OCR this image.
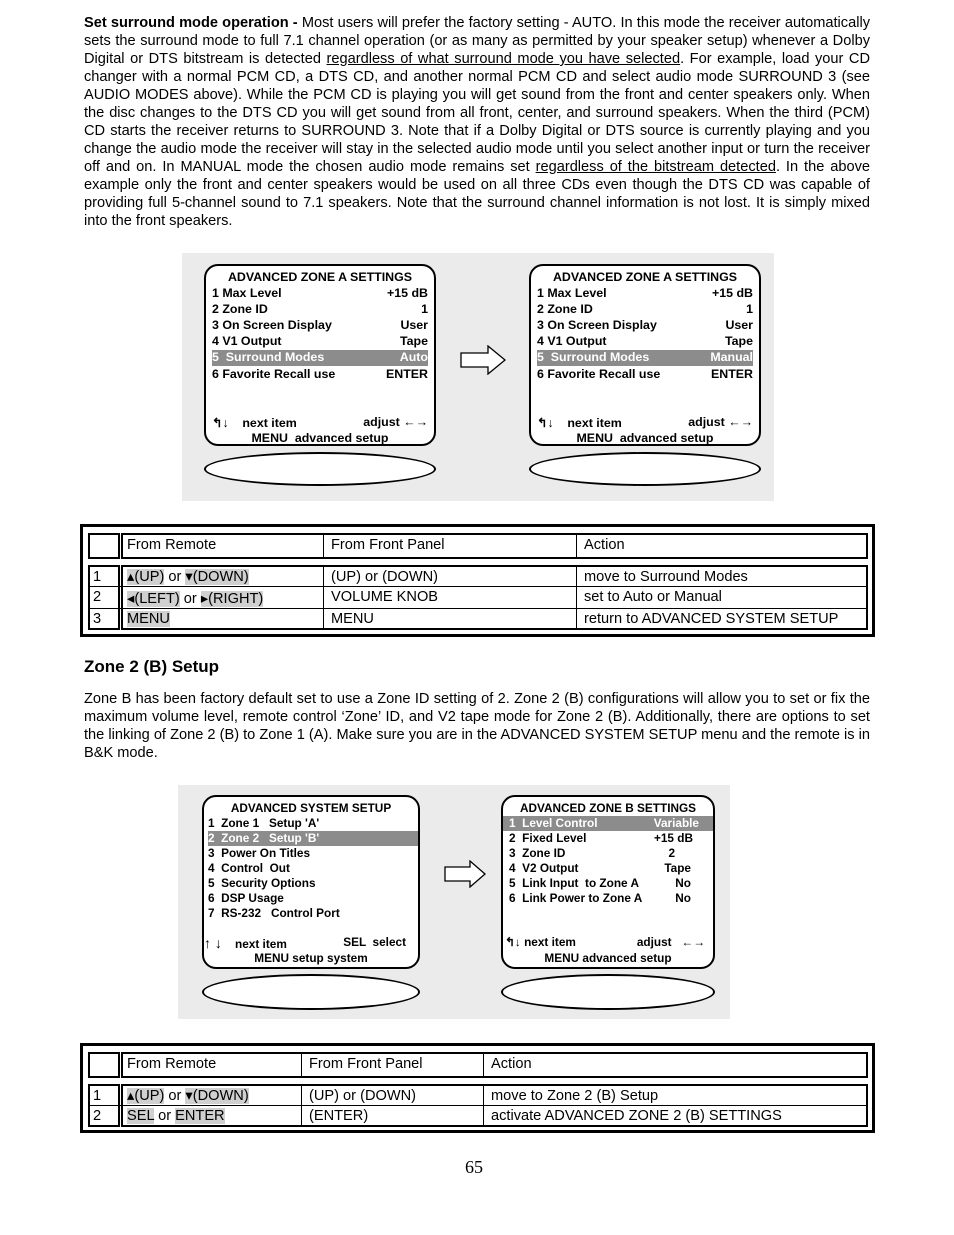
Set surround mode operation - Most users will prefer the factory setting - AUTO. In this mode the receiver automatically sets the surround mode to full 7.1 channel operation (or as many as permitted by your speaker setup) whenever a Dolby Digital or DTS bitstream is detected regardless of what surround mode you have selected. For example, load your CD changer with a normal PCM CD, a DTS CD, and another normal PCM CD and select audio mode SURROUND 3 (see AUDIO MODES above). While the PCM CD is playing you will get sound from the front and center speakers only. When the disc changes to the DTS CD you will get sound from all front, center, and surround speakers. When the third (PCM) CD starts the receiver returns to SURROUND 3. Note that if a Dolby Digital or DTS source is currently playing and you change the audio mode the receiver will stay in the selected audio mode until you select another input or turn the receiver off and on. In MANUAL mode the chosen audio mode remains set regardless of the bitstream detected. In the above example only the front and center speakers would be used on all three CDs even though the DTS CD was capable of providing full 5-channel sound to 7.1 speakers. Note that the surround channel information is not lost. It is simply mixed into the front speakers.
ADVANCED ZONE A SETTINGS
1 Max Level	+15 dB
2 Zone ID	1
3 On Screen Display	User
4 V1 Output	Tape
5  Surround Modes	Auto
6 Favorite Recall use	ENTER
↰↓ next item	adjust ←→
MENU  advanced setup
ADVANCED ZONE A SETTINGS
1 Max Level	+15 dB
2 Zone ID	1
3 On Screen Display	User
4 V1 Output	Tape
5  Surround Modes	Manual
6 Favorite Recall use	ENTER
↰↓ next item	adjust ←→
MENU  advanced setup
From Remote	From Front Panel	Action
1 ▴(UP) or ▾(DOWN)	(UP) or (DOWN)	move to Surround Modes
2 ◂(LEFT) or ▸(RIGHT)	VOLUME KNOB	set to Auto or Manual
3 MENU	MENU	return to ADVANCED SYSTEM SETUP
Zone 2 (B) Setup
Zone B has been factory default set to use a Zone ID setting of 2. Zone 2 (B) configurations will allow you to set or fix the maximum volume level, remote control ‘Zone’ ID, and V2 tape mode for Zone 2 (B). Additionally, there are options to set the linking of Zone 2 (B) to Zone 1 (A). Make sure you are in the ADVANCED SYSTEM SETUP menu and the remote is in B&K mode.
ADVANCED SYSTEM SETUP
1  Zone 1   Setup 'A'
2  Zone 2   Setup 'B'
3  Power On Titles
4  Control  Out
5  Security Options
6  DSP Usage
7  RS-232   Control Port
↑ ↓ next item	SEL  select
MENU setup system
ADVANCED ZONE B SETTINGS
1  Level Control	Variable
2  Fixed Level	+15 dB
3  Zone ID	2
4  V2 Output	Tape
5  Link Input  to Zone A	No
6  Link Power to Zone A	No
↰↓ next item	adjust ←→
MENU advanced setup
From Remote	From Front Panel	Action
1 ▴(UP) or ▾(DOWN)	(UP) or (DOWN)	move to Zone 2 (B) Setup
2 SEL or ENTER	(ENTER)	activate ADVANCED ZONE 2 (B) SETTINGS
65
